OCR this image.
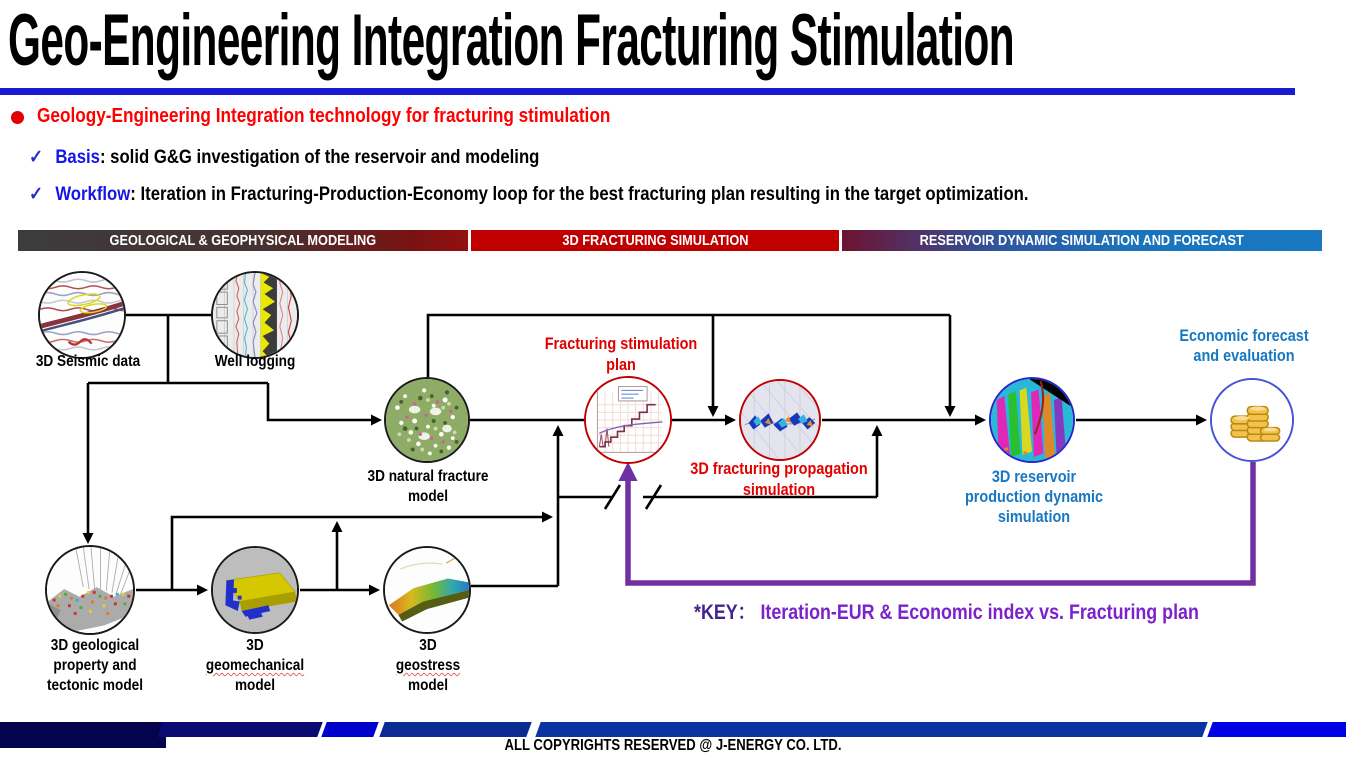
Geo-Engineering Integration Fracturing Stimulation
Geology-Engineering Integration technology for fracturing stimulation
✓ Basis: solid G&G investigation of the reservoir and modeling
✓ Workflow: Iteration in Fracturing-Production-Economy loop for the best fracturing plan resulting in the target optimization.
GEOLOGICAL & GEOPHYSICAL MODELING	3D FRACTURING SIMULATION	RESERVOIR DYNAMIC SIMULATION AND FORECAST
3D Seismic data	Well logging
3D natural fracture
model
Fracturing stimulation
plan
3D fracturing propagation
simulation
3D reservoir
production dynamic
simulation
Economic forecast
and evaluation
3D geological
property and
tectonic model
3D
geomechanical
model
3D
geostress
model
*KEY： Iteration-EUR & Economic index vs. Fracturing plan
ALL COPYRIGHTS RESERVED @ J-ENERGY CO. LTD.
